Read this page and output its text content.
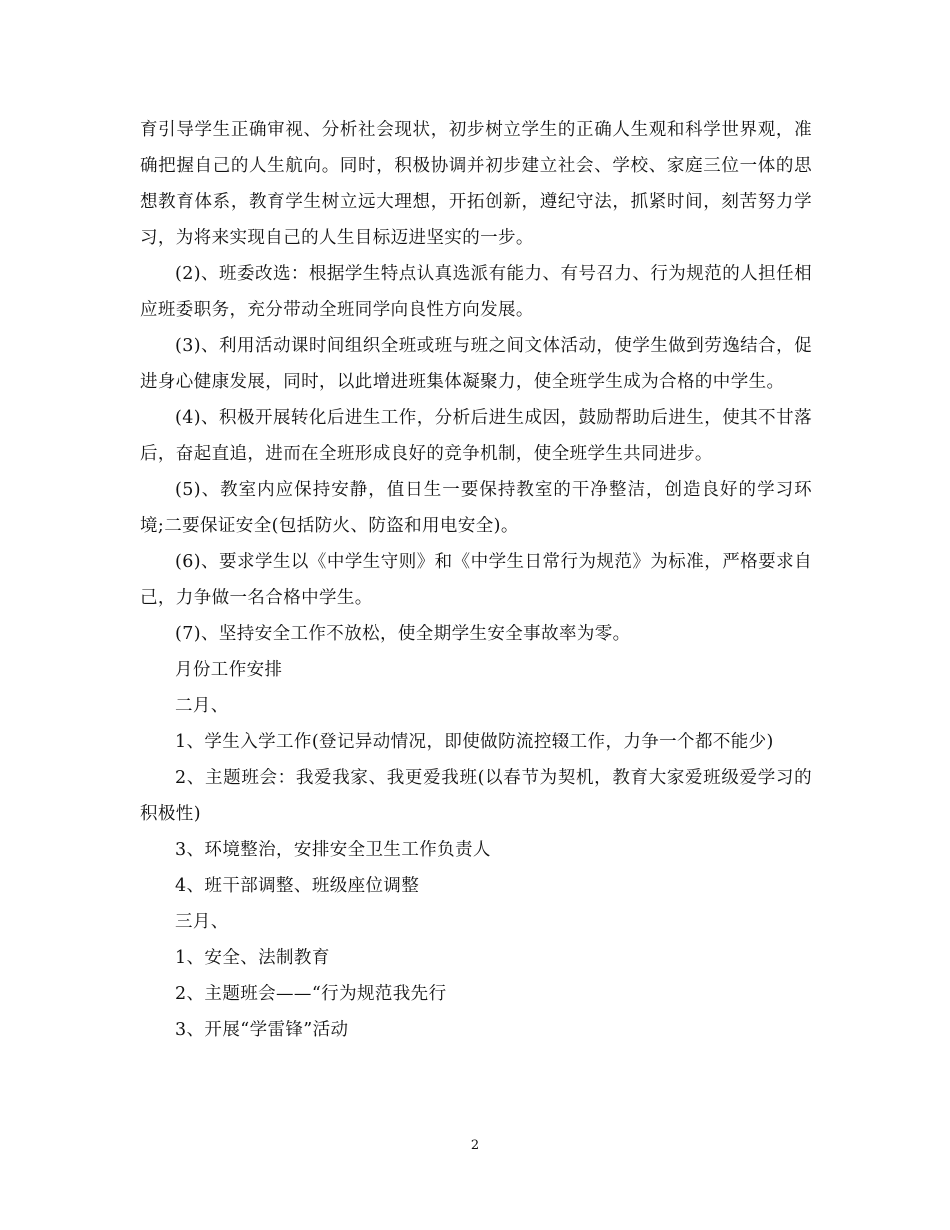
育引导学生正确审视、分析社会现状，初步树立学生的正确人生观和科学世界观，准确把握自己的人生航向。同时，积极协调并初步建立社会、学校、家庭三位一体的思想教育体系，教育学生树立远大理想，开拓创新，遵纪守法，抓紧时间，刻苦努力学习，为将来实现自己的人生目标迈进坚实的一步。

(2)、班委改选：根据学生特点认真选派有能力、有号召力、行为规范的人担任相应班委职务，充分带动全班同学向良性方向发展。

(3)、利用活动课时间组织全班或班与班之间文体活动，使学生做到劳逸结合，促进身心健康发展，同时，以此增进班集体凝聚力，使全班学生成为合格的中学生。

(4)、积极开展转化后进生工作，分析后进生成因，鼓励帮助后进生，使其不甘落后，奋起直追，进而在全班形成良好的竞争机制，使全班学生共同进步。

(5)、教室内应保持安静，值日生一要保持教室的干净整洁，创造良好的学习环境;二要保证安全(包括防火、防盗和用电安全)。

(6)、要求学生以《中学生守则》和《中学生日常行为规范》为标准，严格要求自己，力争做一名合格中学生。

(7)、坚持安全工作不放松，使全期学生安全事故率为零。

月份工作安排

二月、

1、学生入学工作(登记异动情况，即使做防流控辍工作，力争一个都不能少)

2、主题班会：我爱我家、我更爱我班(以春节为契机，教育大家爱班级爱学习的积极性)

3、环境整治，安排安全卫生工作负责人

4、班干部调整、班级座位调整

三月、

1、安全、法制教育

2、主题班会——“行为规范我先行

3、开展“学雷锋”活动

2
